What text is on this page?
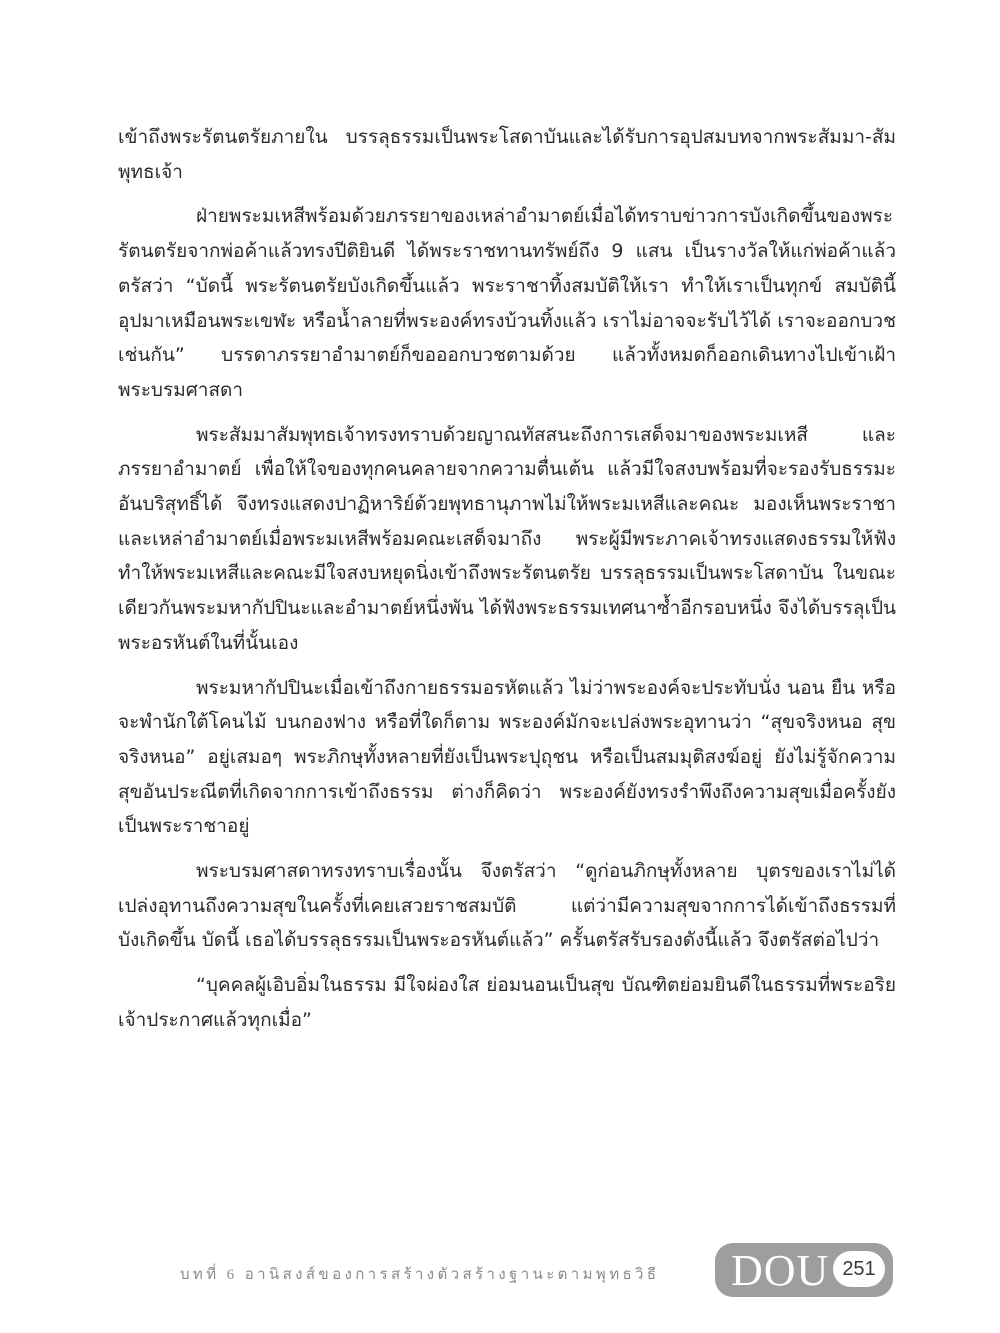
เข้าถึงพระรัตนตรัยภายใน บรรลุธรรมเป็นพระโสดาบันและได้รับการอุปสมบทจากพระสัมมา-สัมพุทธเจ้า

ฝ่ายพระมเหสีพร้อมด้วยภรรยาของเหล่าอำมาตย์เมื่อได้ทราบข่าวการบังเกิดขึ้นของพระรัตนตรัยจากพ่อค้าแล้วทรงปีติยินดี ได้พระราชทานทรัพย์ถึง 9 แสน เป็นรางวัลให้แก่พ่อค้าแล้วตรัสว่า “บัดนี้ พระรัตนตรัยบังเกิดขึ้นแล้ว พระราชาทิ้งสมบัติให้เรา ทำให้เราเป็นทุกข์ สมบัตินี้อุปมาเหมือนพระเขฬะ หรือน้ำลายที่พระองค์ทรงบ้วนทิ้งแล้ว เราไม่อาจจะรับไว้ได้ เราจะออกบวชเช่นกัน” บรรดาภรรยาอำมาตย์ก็ขอออกบวชตามด้วย แล้วทั้งหมดก็ออกเดินทางไปเข้าเฝ้าพระบรมศาสดา

พระสัมมาสัมพุทธเจ้าทรงทราบด้วยญาณทัสสนะถึงการเสด็จมาของพระมเหสี และภรรยาอำมาตย์ เพื่อให้ใจของทุกคนคลายจากความตื่นเต้น แล้วมีใจสงบพร้อมที่จะรองรับธรรมะอันบริสุทธิ์ได้ จึงทรงแสดงปาฏิหาริย์ด้วยพุทธานุภาพไม่ให้พระมเหสีและคณะ มองเห็นพระราชาและเหล่าอำมาตย์เมื่อพระมเหสีพร้อมคณะเสด็จมาถึง พระผู้มีพระภาคเจ้าทรงแสดงธรรมให้ฟัง ทำให้พระมเหสีและคณะมีใจสงบหยุดนิ่งเข้าถึงพระรัตนตรัย บรรลุธรรมเป็นพระโสดาบัน ในขณะเดียวกันพระมหากัปปินะและอำมาตย์หนึ่งพัน ได้ฟังพระธรรมเทศนาซ้ำอีกรอบหนึ่ง จึงได้บรรลุเป็นพระอรหันต์ในที่นั้นเอง

พระมหากัปปินะเมื่อเข้าถึงกายธรรมอรหัตแล้ว ไม่ว่าพระองค์จะประทับนั่ง นอน ยืน หรือจะพำนักใต้โคนไม้ บนกองฟาง หรือที่ใดก็ตาม พระองค์มักจะเปล่งพระอุทานว่า “สุขจริงหนอ สุขจริงหนอ” อยู่เสมอๆ พระภิกษุทั้งหลายที่ยังเป็นพระปุถุชน หรือเป็นสมมุติสงฆ์อยู่ ยังไม่รู้จักความสุขอันประณีตที่เกิดจากการเข้าถึงธรรม ต่างก็คิดว่า พระองค์ยังทรงรำพึงถึงความสุขเมื่อครั้งยังเป็นพระราชาอยู่

พระบรมศาสดาทรงทราบเรื่องนั้น จึงตรัสว่า “ดูก่อนภิกษุทั้งหลาย บุตรของเราไม่ได้เปล่งอุทานถึงความสุขในครั้งที่เคยเสวยราชสมบัติ แต่ว่ามีความสุขจากการได้เข้าถึงธรรมที่บังเกิดขึ้น บัดนี้ เธอได้บรรลุธรรมเป็นพระอรหันต์แล้ว” ครั้นตรัสรับรองดังนี้แล้ว จึงตรัสต่อไปว่า

“บุคคลผู้เอิบอิ่มในธรรม มีใจผ่องใส ย่อมนอนเป็นสุข บัณฑิตย่อมยินดีในธรรมที่พระอริยเจ้าประกาศแล้วทุกเมื่อ”

บทที่ 6 อานิสงส์ของการสร้างตัวสร้างฐานะตามพุทธวิธี	DOU 251
